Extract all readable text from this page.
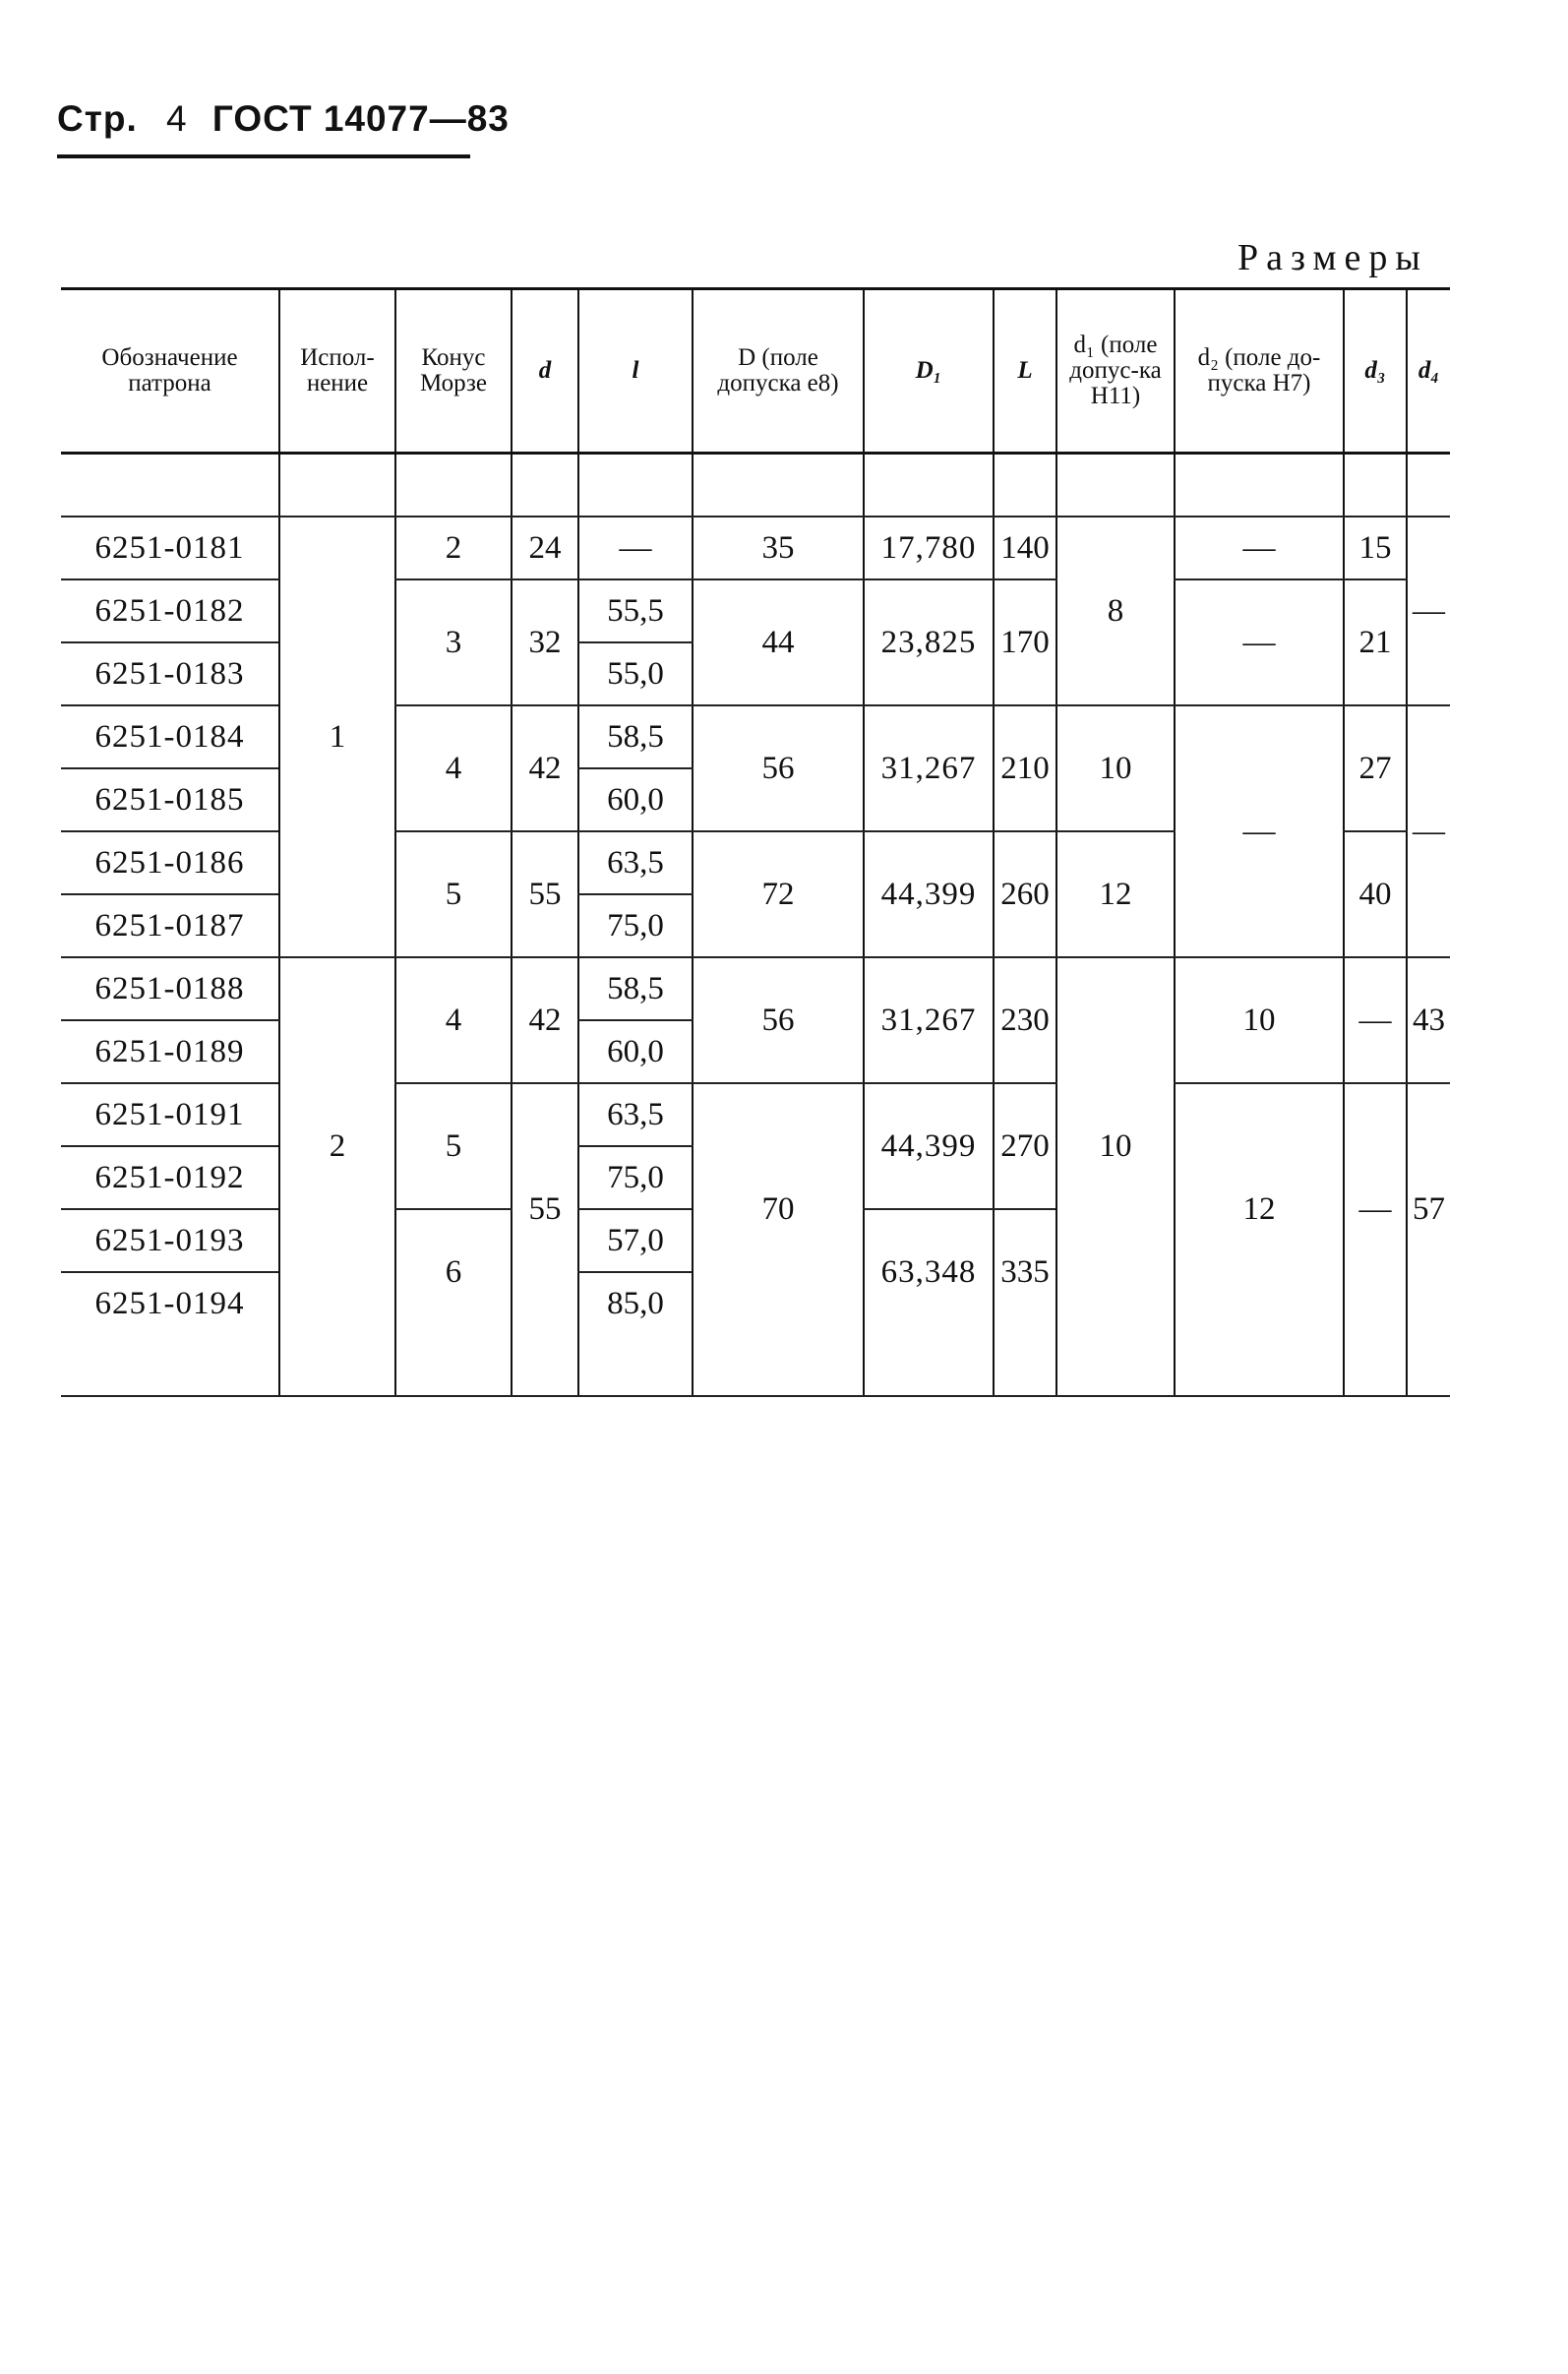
Стр. 4 ГОСТ 14077—83
Размеры
Обозначение патрона	Испол-нение	Конус Морзе	d	l	D (поле допуска e8)	D₁	L	d₁ (поле допус-ка H11)	d₂ (поле до-пуска H7)	d₃	d₄

6251-0181	1	2	24	—	35	17,780	140	8	—	15	—
6251-0182		3	32	55,5	44	23,825	170		—	21	
6251-0183				55,0							
6251-0184		4	42	58,5	56	31,267	210	10	—	27	—
6251-0185				60,0							
6251-0186		5	55	63,5	72	44,399	260	12		40	
6251-0187				75,0							
6251-0188	2	4	42	58,5	56	31,267	230	10	10	—	43
6251-0189				60,0							
6251-0191		5	55	63,5	70	44,399	270		12	—	57
6251-0192				75,0							
6251-0193		6		57,0		63,348	335				
6251-0194				85,0							
